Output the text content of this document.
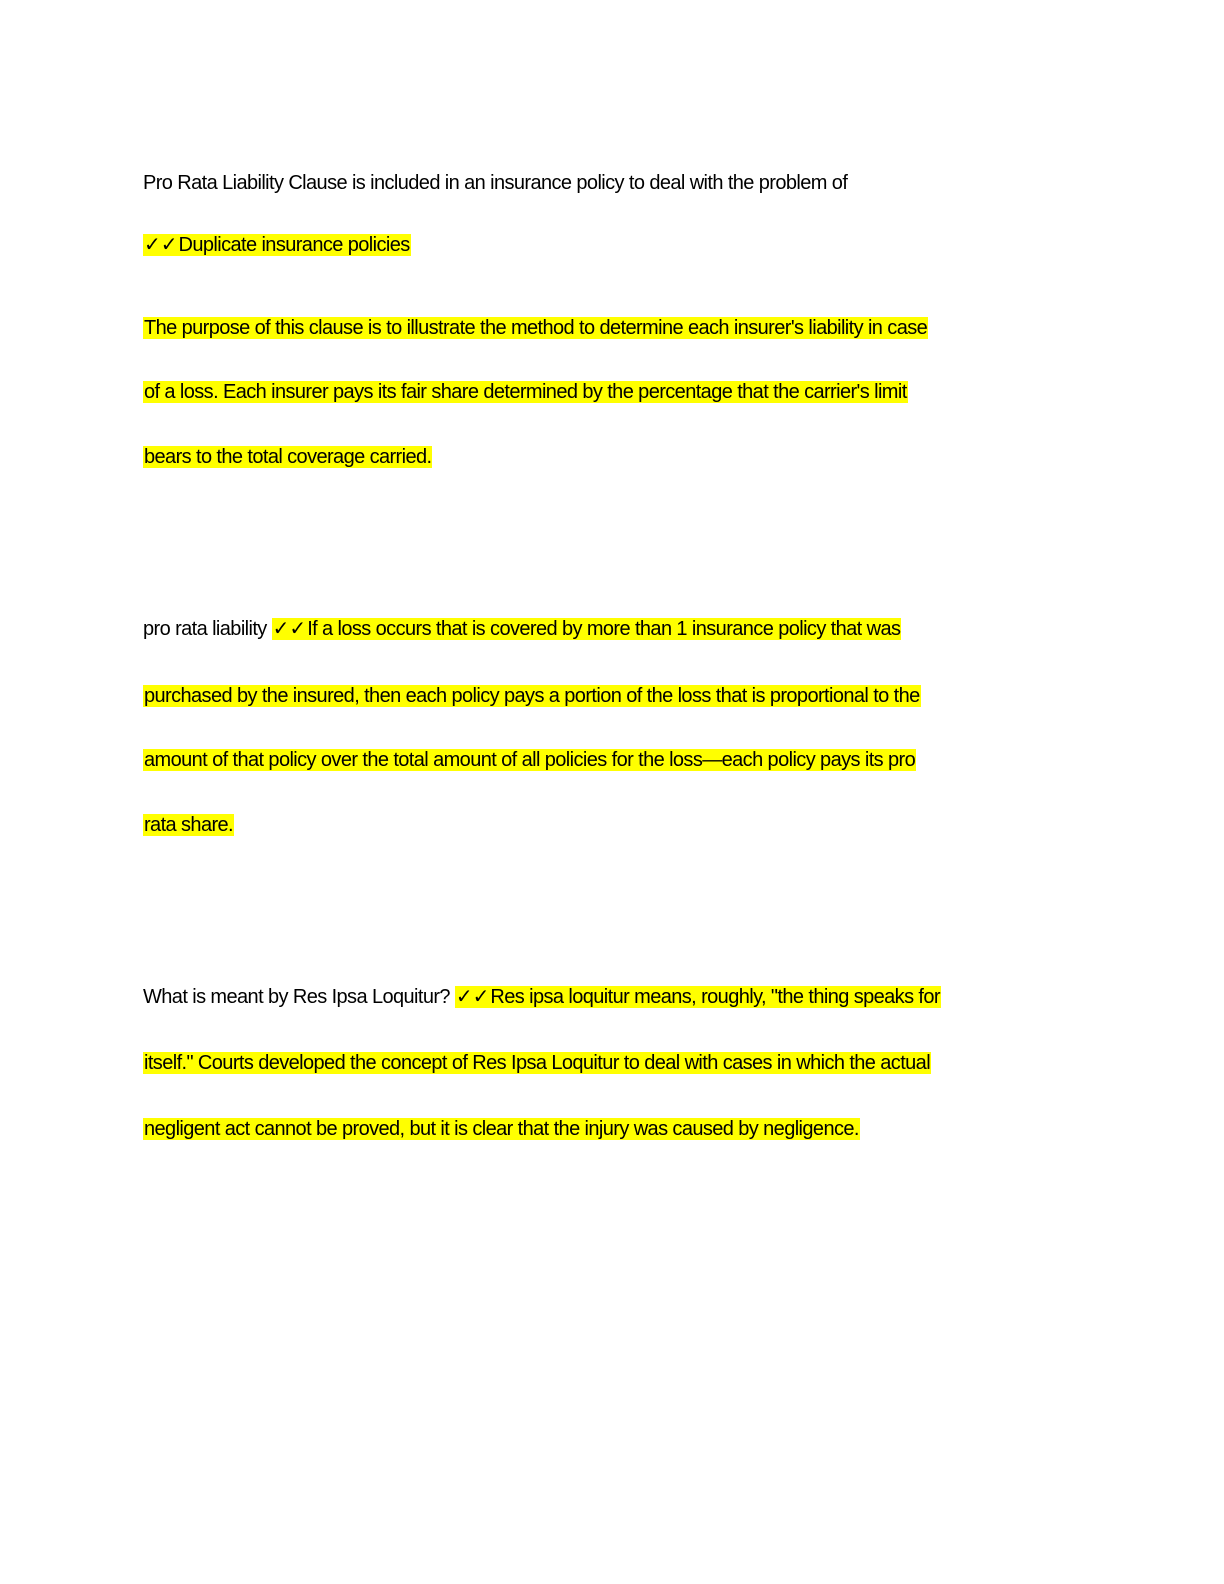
Pro Rata Liability Clause is included in an insurance policy to deal with the problem of
✓✓Duplicate insurance policies
The purpose of this clause is to illustrate the method to determine each insurer's liability in case
of a loss. Each insurer pays its fair share determined by the percentage that the carrier's limit
bears to the total coverage carried.
pro rata liability ✓✓If a loss occurs that is covered by more than 1 insurance policy that was
purchased by the insured, then each policy pays a portion of the loss that is proportional to the
amount of that policy over the total amount of all policies for the loss—each policy pays its pro
rata share.
What is meant by Res Ipsa Loquitur? ✓✓Res ipsa loquitur means, roughly, "the thing speaks for
itself." Courts developed the concept of Res Ipsa Loquitur to deal with cases in which the actual
negligent act cannot be proved, but it is clear that the injury was caused by negligence.
